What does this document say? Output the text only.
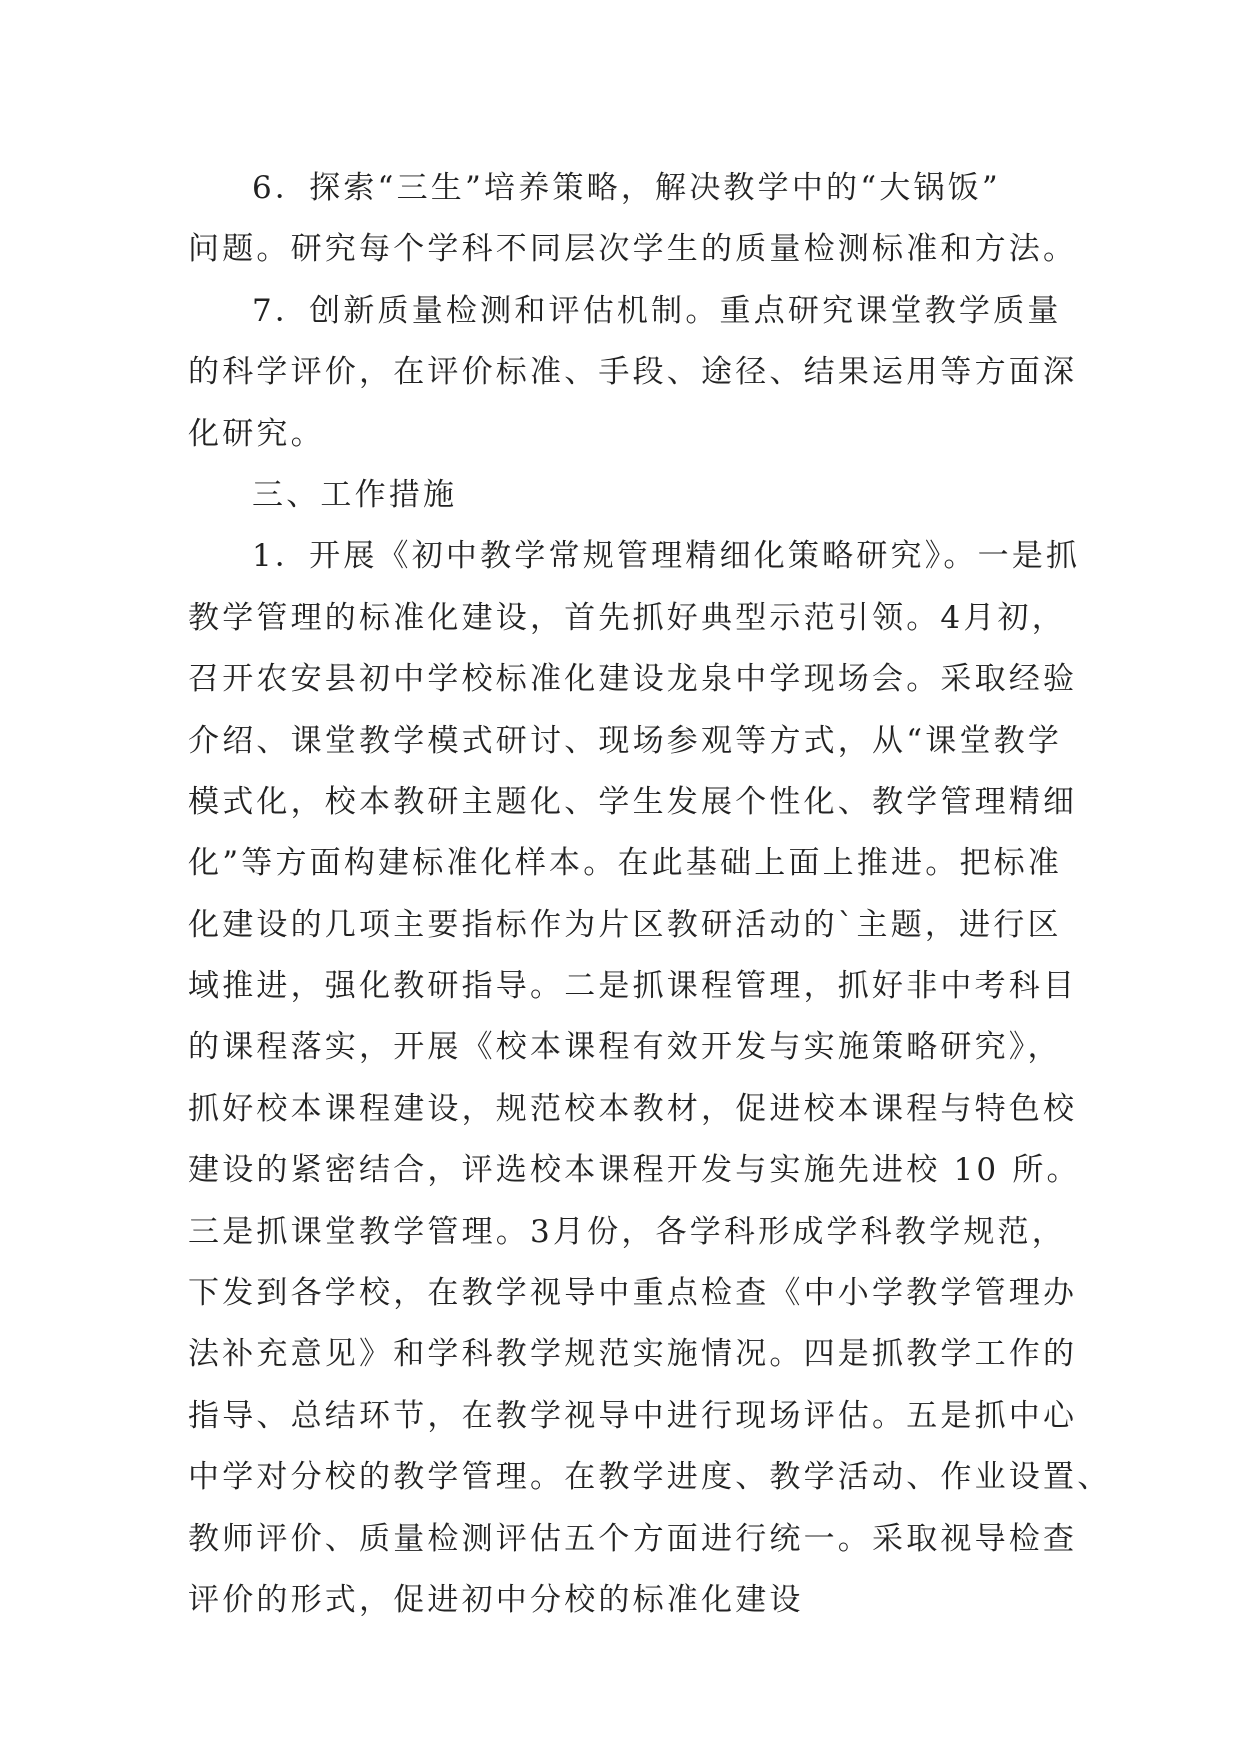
6．探索“三生”培养策略，解决教学中的“大锅饭”
问题。研究每个学科不同层次学生的质量检测标准和方法。
7．创新质量检测和评估机制。重点研究课堂教学质量
的科学评价，在评价标准、手段、途径、结果运用等方面深
化研究。
三、工作措施
1．开展《初中教学常规管理精细化策略研究》。一是抓
教学管理的标准化建设，首先抓好典型示范引领。4月初，
召开农安县初中学校标准化建设龙泉中学现场会。采取经验
介绍、课堂教学模式研讨、现场参观等方式，从“课堂教学
模式化，校本教研主题化、学生发展个性化、教学管理精细
化”等方面构建标准化样本。在此基础上面上推进。把标准
化建设的几项主要指标作为片区教研活动的`主题，进行区
域推进，强化教研指导。二是抓课程管理，抓好非中考科目
的课程落实，开展《校本课程有效开发与实施策略研究》，
抓好校本课程建设，规范校本教材，促进校本课程与特色校
建设的紧密结合，评选校本课程开发与实施先进校 10 所。
三是抓课堂教学管理。3月份，各学科形成学科教学规范，
下发到各学校，在教学视导中重点检查《中小学教学管理办
法补充意见》和学科教学规范实施情况。四是抓教学工作的
指导、总结环节，在教学视导中进行现场评估。五是抓中心
中学对分校的教学管理。在教学进度、教学活动、作业设置、
教师评价、质量检测评估五个方面进行统一。采取视导检查
评价的形式，促进初中分校的标准化建设
